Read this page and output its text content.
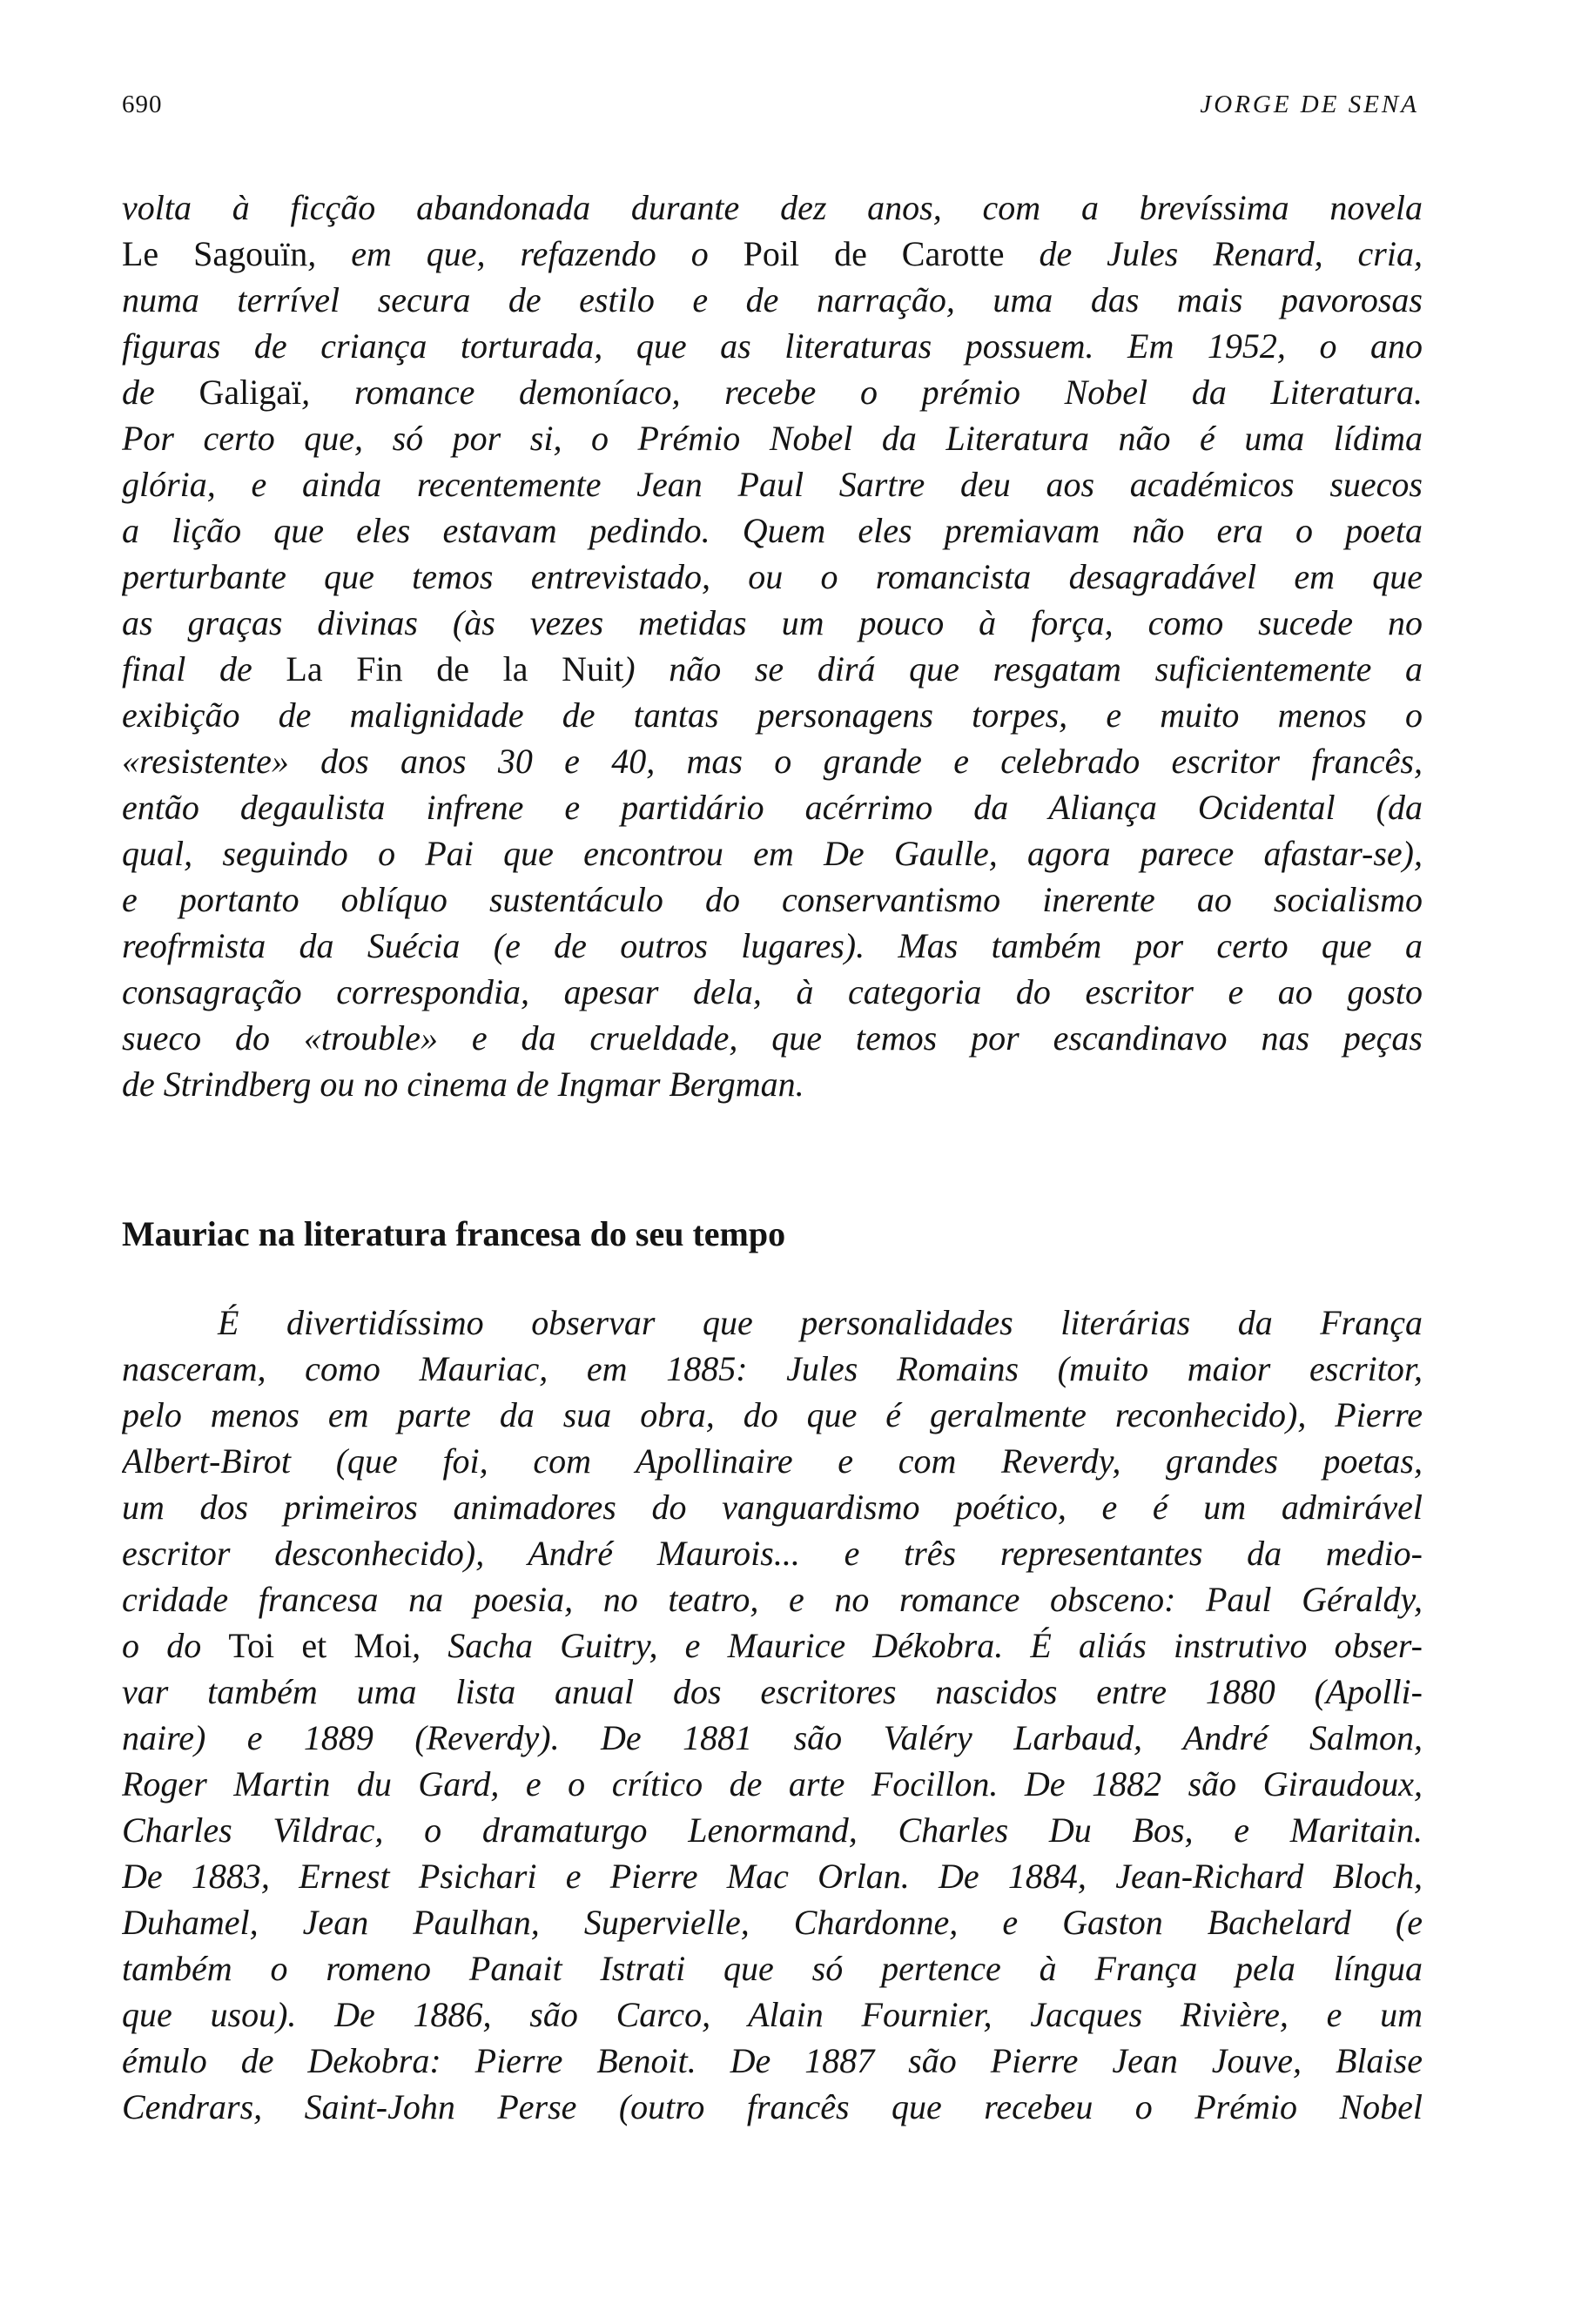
690	JORGE DE SENA
volta à ficção abandonada durante dez anos, com a brevíssima novela
Le Sagouïn, em que, refazendo o Poil de Carotte de Jules Renard, cria,
numa terrível secura de estilo e de narração, uma das mais pavorosas
figuras de criança torturada, que as literaturas possuem. Em 1952, o ano
de Galigaï, romance demoníaco, recebe o prémio Nobel da Literatura.
Por certo que, só por si, o Prémio Nobel da Literatura não é uma lídima
glória, e ainda recentemente Jean Paul Sartre deu aos académicos suecos
a lição que eles estavam pedindo. Quem eles premiavam não era o poeta
perturbante que temos entrevistado, ou o romancista desagradável em que
as graças divinas (às vezes metidas um pouco à força, como sucede no
final de La Fin de la Nuit) não se dirá que resgatam suficientemente a
exibição de malignidade de tantas personagens torpes, e muito menos o
«resistente» dos anos 30 e 40, mas o grande e celebrado escritor francês,
então degaulista infrene e partidário acérrimo da Aliança Ocidental (da
qual, seguindo o Pai que encontrou em De Gaulle, agora parece afastar-se),
e portanto oblíquo sustentáculo do conservantismo inerente ao socialismo
reofrmista da Suécia (e de outros lugares). Mas também por certo que a
consagração correspondia, apesar dela, à categoria do escritor e ao gosto
sueco do «trouble» e da crueldade, que temos por escandinavo nas peças
de Strindberg ou no cinema de Ingmar Bergman.
Mauriac na literatura francesa do seu tempo
É divertidíssimo observar que personalidades literárias da França
nasceram, como Mauriac, em 1885: Jules Romains (muito maior escritor,
pelo menos em parte da sua obra, do que é geralmente reconhecido), Pierre
Albert-Birot (que foi, com Apollinaire e com Reverdy, grandes poetas,
um dos primeiros animadores do vanguardismo poético, e é um admirável
escritor desconhecido), André Maurois... e três representantes da medio-
cridade francesa na poesia, no teatro, e no romance obsceno: Paul Géraldy,
o do Toi et Moi, Sacha Guitry, e Maurice Dékobra. É aliás instrutivo obser-
var também uma lista anual dos escritores nascidos entre 1880 (Apolli-
naire) e 1889 (Reverdy). De 1881 são Valéry Larbaud, André Salmon,
Roger Martin du Gard, e o crítico de arte Focillon. De 1882 são Giraudoux,
Charles Vildrac, o dramaturgo Lenormand, Charles Du Bos, e Maritain.
De 1883, Ernest Psichari e Pierre Mac Orlan. De 1884, Jean-Richard Bloch,
Duhamel, Jean Paulhan, Supervielle, Chardonne, e Gaston Bachelard (e
também o romeno Panait Istrati que só pertence à França pela língua
que usou). De 1886, são Carco, Alain Fournier, Jacques Rivière, e um
émulo de Dekobra: Pierre Benoit. De 1887 são Pierre Jean Jouve, Blaise
Cendrars, Saint-John Perse (outro francês que recebeu o Prémio Nobel
